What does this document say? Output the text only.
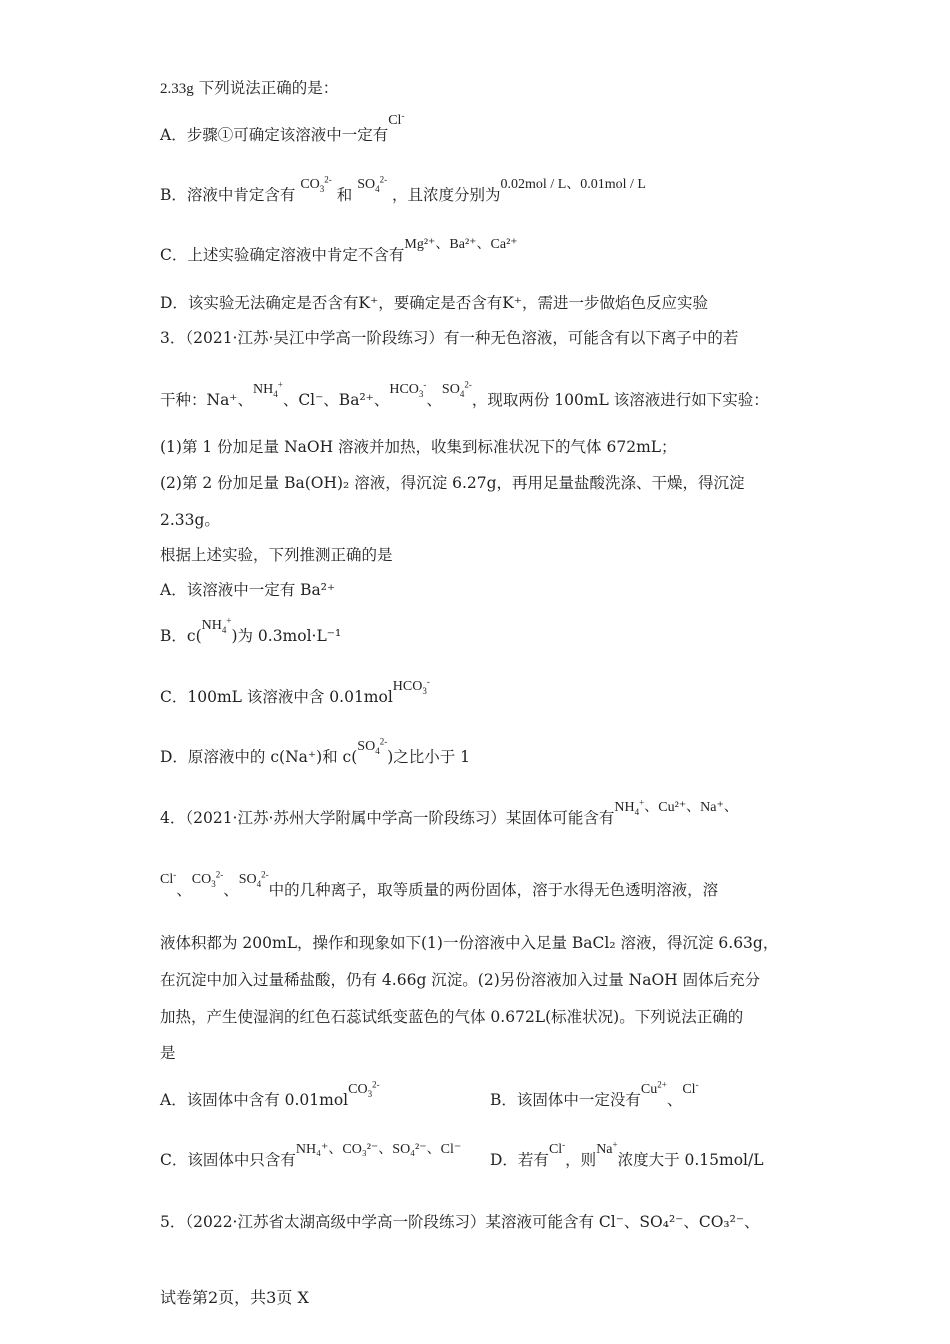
2.33g 下列说法正确的是：
A．步骤①可确定该溶液中一定有Cl-
B．溶液中肯定含有 $CO_3^{2-}$ 和 $SO_4^{2-}$ ，且浓度分别为0.02mol / L、0.01mol / L
C．上述实验确定溶液中肯定不含有Mg²⁺、Ba²⁺、Ca²⁺
D．该实验无法确定是否含有K⁺，要确定是否含有K⁺，需进一步做焰色反应实验
3．（2021·江苏·吴江中学高一阶段练习）有一种无色溶液，可能含有以下离子中的若
干种：Na⁺、$NH_4^+$、Cl⁻、Ba²⁺、$HCO_3^-$、$SO_4^{2-}$，现取两份 100mL 该溶液进行如下实验：
(1)第 1 份加足量 NaOH 溶液并加热，收集到标准状况下的气体 672mL；
(2)第 2 份加足量 Ba(OH)₂ 溶液，得沉淀 6.27g，再用足量盐酸洗涤、干燥，得沉淀
2.33g。
根据上述实验，下列推测正确的是
A．该溶液中一定有 Ba²⁺
B．$c(NH_4^+)$为 0.3mol·L⁻¹
C．100mL 该溶液中含 0.01molHCO$_3$-
D．原溶液中的 c(Na⁺)和 $c(SO_4^{2-})$之比小于 1
4．（2021·江苏·苏州大学附属中学高一阶段练习）某固体可能含有$NH_4^+$、Cu²⁺、Na⁺、
Cl-、$CO_3^{2-}$、$SO_4^{2-}$中的几种离子，取等质量的两份固体，溶于水得无色透明溶液，溶
液体积都为 200mL，操作和现象如下(1)一份溶液中入足量 BaCl₂ 溶液，得沉淀 6.63g，
在沉淀中加入过量稀盐酸，仍有 4.66g 沉淀。(2)另份溶液加入过量 NaOH 固体后充分
加热，产生使湿润的红色石蕊试纸变蓝色的气体 0.672L(标准状况)。下列说法正确的
是
A．该固体中含有 0.01molCO$_3^{2-}$
B．该固体中一定没有$Cu^{2+}$、Cl-
C．该固体中只含有NH₄⁺、CO₃²⁻、SO₄²⁻、Cl⁻
D．若有Cl-，则Na+浓度大于 0.15mol/L
5．（2022·江苏省太湖高级中学高一阶段练习）某溶液可能含有 Cl⁻、SO₄²⁻、CO₃²⁻、
试卷第2页，共3页 X
